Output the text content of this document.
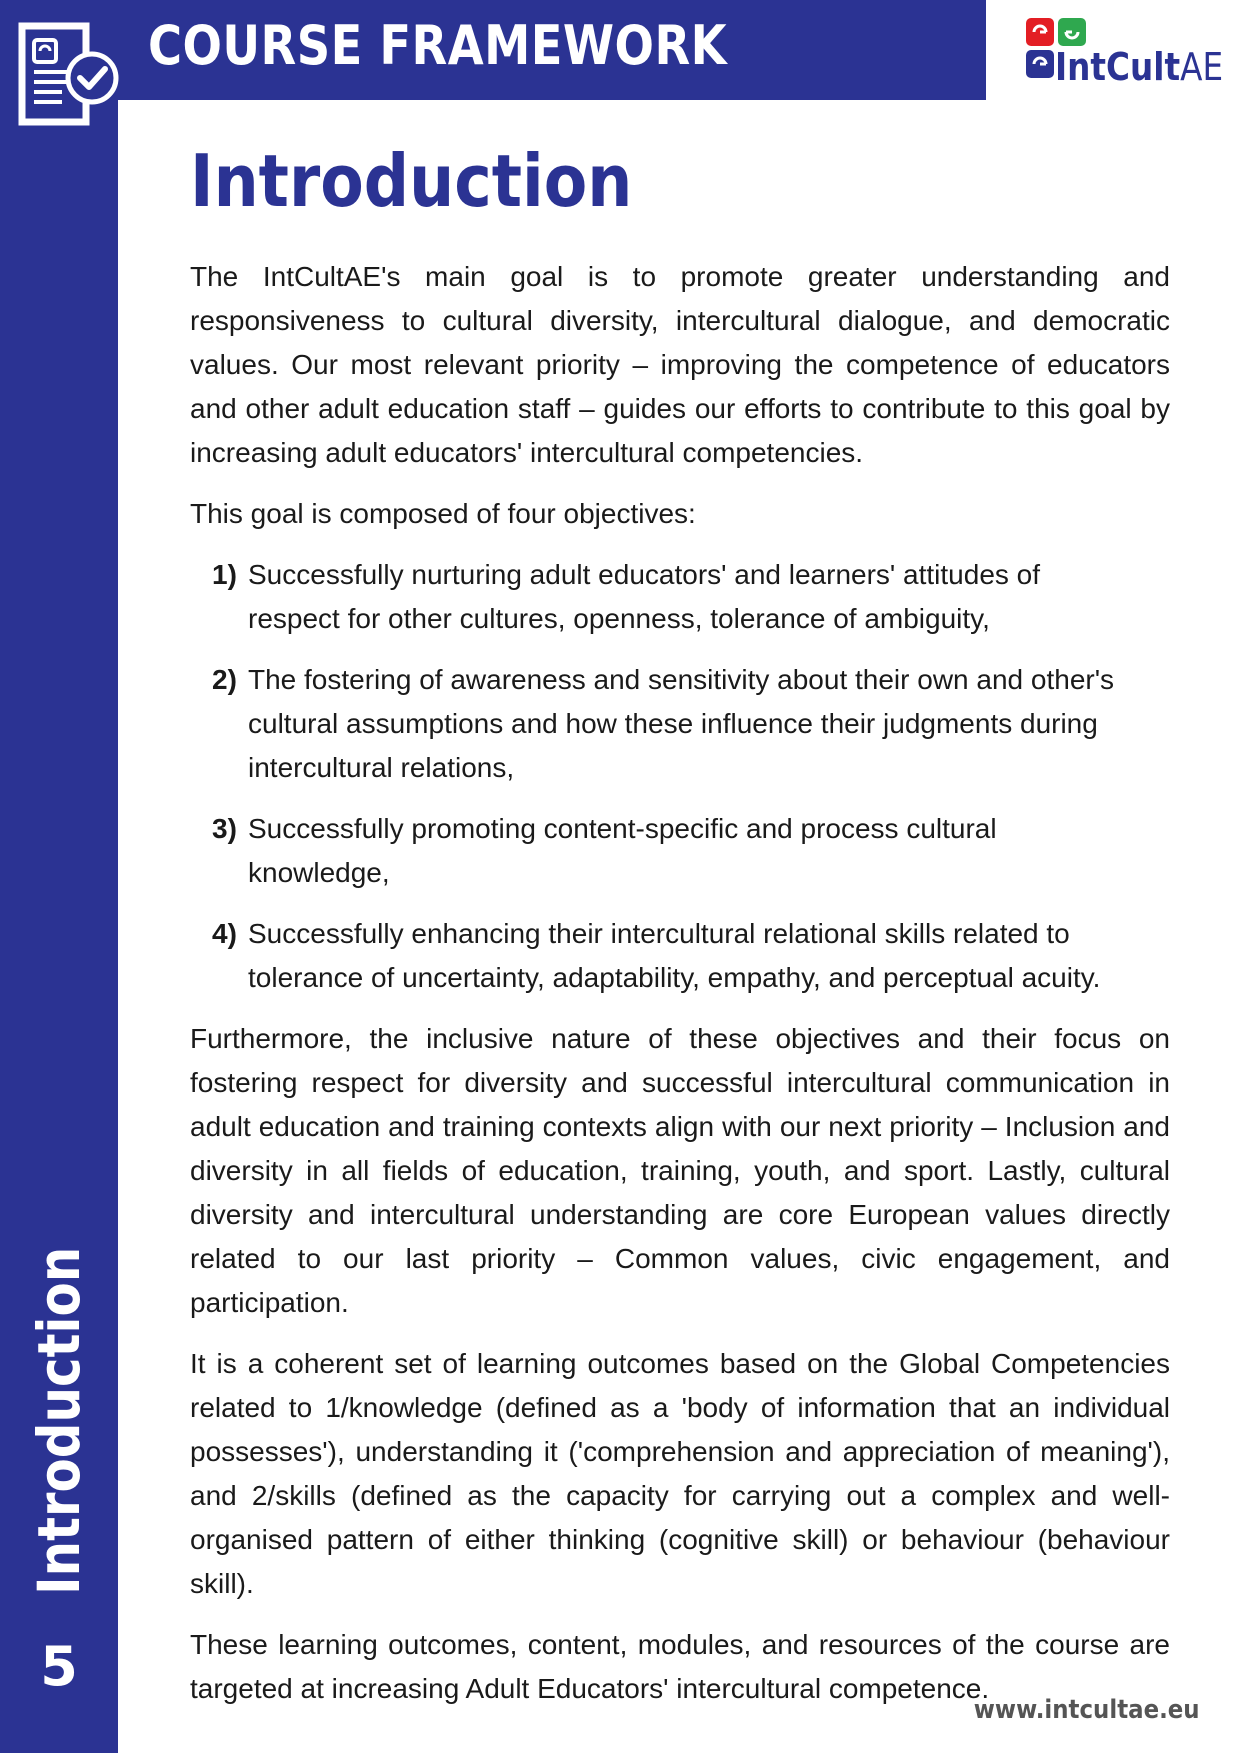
COURSE FRAMEWORK	IntCultAE
Introduction

The IntCultAE's main goal is to promote greater understanding and responsiveness to cultural diversity, intercultural dialogue, and democratic values. Our most relevant priority – improving the competence of educators and other adult education staff – guides our efforts to contribute to this goal by increasing adult educators' intercultural competencies.

This goal is composed of four objectives:

1) Successfully nurturing adult educators' and learners' attitudes of respect for other cultures, openness, tolerance of ambiguity,
2) The fostering of awareness and sensitivity about their own and other's cultural assumptions and how these influence their judgments during intercultural relations,
3) Successfully promoting content-specific and process cultural knowledge,
4) Successfully enhancing their intercultural relational skills related to tolerance of uncertainty, adaptability, empathy, and perceptual acuity.

Furthermore, the inclusive nature of these objectives and their focus on fostering respect for diversity and successful intercultural communication in adult education and training contexts align with our next priority – Inclusion and diversity in all fields of education, training, youth, and sport. Lastly, cultural diversity and intercultural understanding are core European values directly related to our last priority – Common values, civic engagement, and participation.

It is a coherent set of learning outcomes based on the Global Competencies related to 1/knowledge (defined as a 'body of information that an individual possesses'), understanding it ('comprehension and appreciation of meaning'), and 2/skills (defined as the capacity for carrying out a complex and well-organised pattern of either thinking (cognitive skill) or behaviour (behaviour skill).

These learning outcomes, content, modules, and resources of the course are targeted at increasing Adult Educators' intercultural competence.

Introduction
5
www.intcultae.eu
